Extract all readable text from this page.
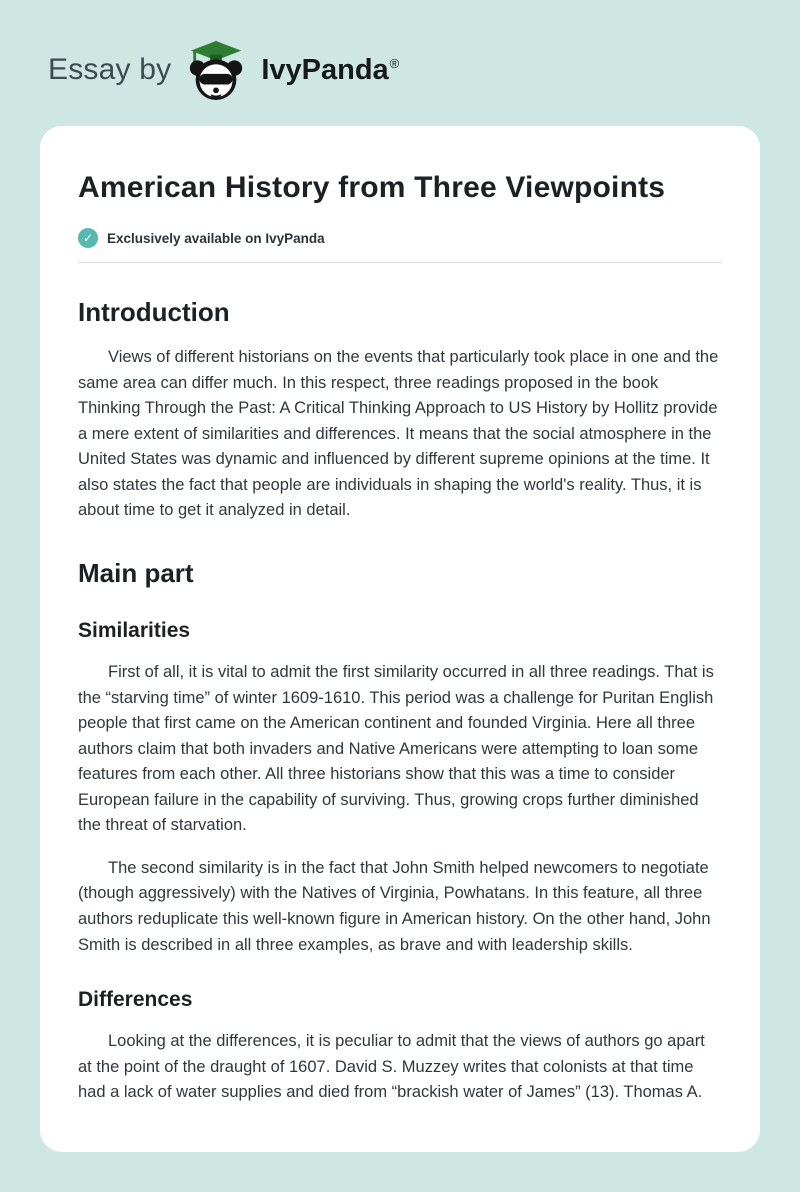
Essay by	IvyPanda®
American History from Three Viewpoints
✓	Exclusively available on IvyPanda
Introduction

Views of different historians on the events that particularly took place in one and the same area can differ much. In this respect, three readings proposed in the book Thinking Through the Past: A Critical Thinking Approach to US History by Hollitz provide a mere extent of similarities and differences. It means that the social atmosphere in the United States was dynamic and influenced by different supreme opinions at the time. It also states the fact that people are individuals in shaping the world's reality. Thus, it is about time to get it analyzed in detail.

Main part
Similarities

First of all, it is vital to admit the first similarity occurred in all three readings. That is the “starving time” of winter 1609-1610. This period was a challenge for Puritan English people that first came on the American continent and founded Virginia. Here all three authors claim that both invaders and Native Americans were attempting to loan some features from each other. All three historians show that this was a time to consider European failure in the capability of surviving. Thus, growing crops further diminished the threat of starvation.

The second similarity is in the fact that John Smith helped newcomers to negotiate (though aggressively) with the Natives of Virginia, Powhatans. In this feature, all three authors reduplicate this well-known figure in American history. On the other hand, John Smith is described in all three examples, as brave and with leadership skills.

Differences

Looking at the differences, it is peculiar to admit that the views of authors go apart at the point of the draught of 1607. David S. Muzzey writes that colonists at that time had a lack of water supplies and died from “brackish water of James” (13). Thomas A.
